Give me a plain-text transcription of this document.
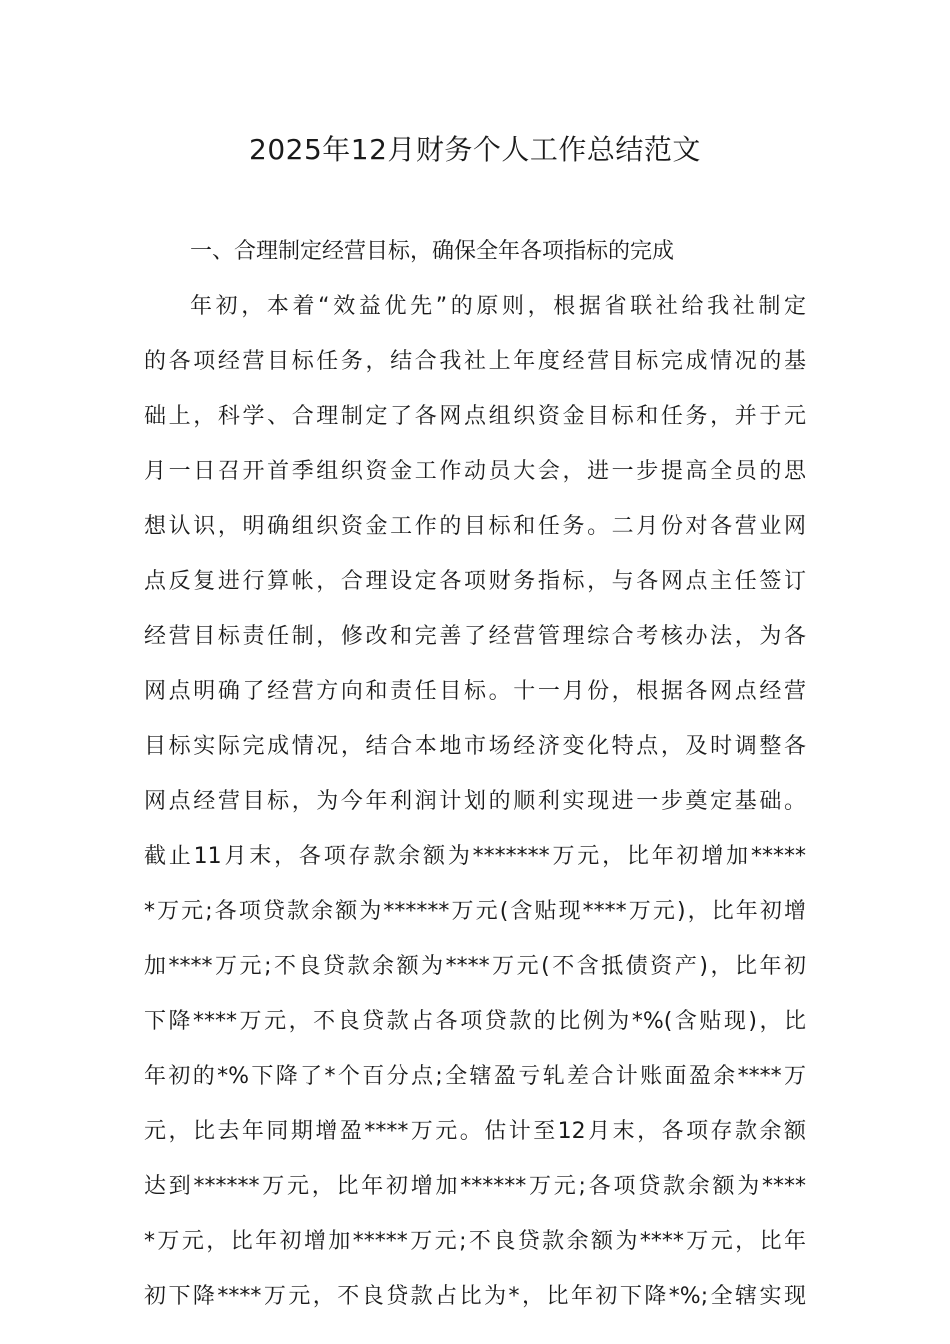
2025年12月财务个人工作总结范文
一、合理制定经营目标，确保全年各项指标的完成
年初，本着“效益优先”的原则，根据省联社给我社制定
的各项经营目标任务，结合我社上年度经营目标完成情况的基
础上，科学、合理制定了各网点组织资金目标和任务，并于元
月一日召开首季组织资金工作动员大会，进一步提高全员的思
想认识，明确组织资金工作的目标和任务。二月份对各营业网
点反复进行算帐，合理设定各项财务指标，与各网点主任签订
经营目标责任制，修改和完善了经营管理综合考核办法，为各
网点明确了经营方向和责任目标。十一月份，根据各网点经营
目标实际完成情况，结合本地市场经济变化特点，及时调整各
网点经营目标，为今年利润计划的顺利实现进一步奠定基础。
截止11月末，各项存款余额为*******万元，比年初增加*****
*万元;各项贷款余额为******万元(含贴现****万元)，比年初增
加****万元;不良贷款余额为****万元(不含抵债资产)，比年初
下降****万元，不良贷款占各项贷款的比例为*%(含贴现)，比
年初的*%下降了*个百分点;全辖盈亏轧差合计账面盈余****万
元，比去年同期增盈****万元。估计至12月末，各项存款余额
达到******万元，比年初增加******万元;各项贷款余额为****
*万元，比年初增加*****万元;不良贷款余额为****万元，比年
初下降****万元，不良贷款占比为*，比年初下降*%;全辖实现
